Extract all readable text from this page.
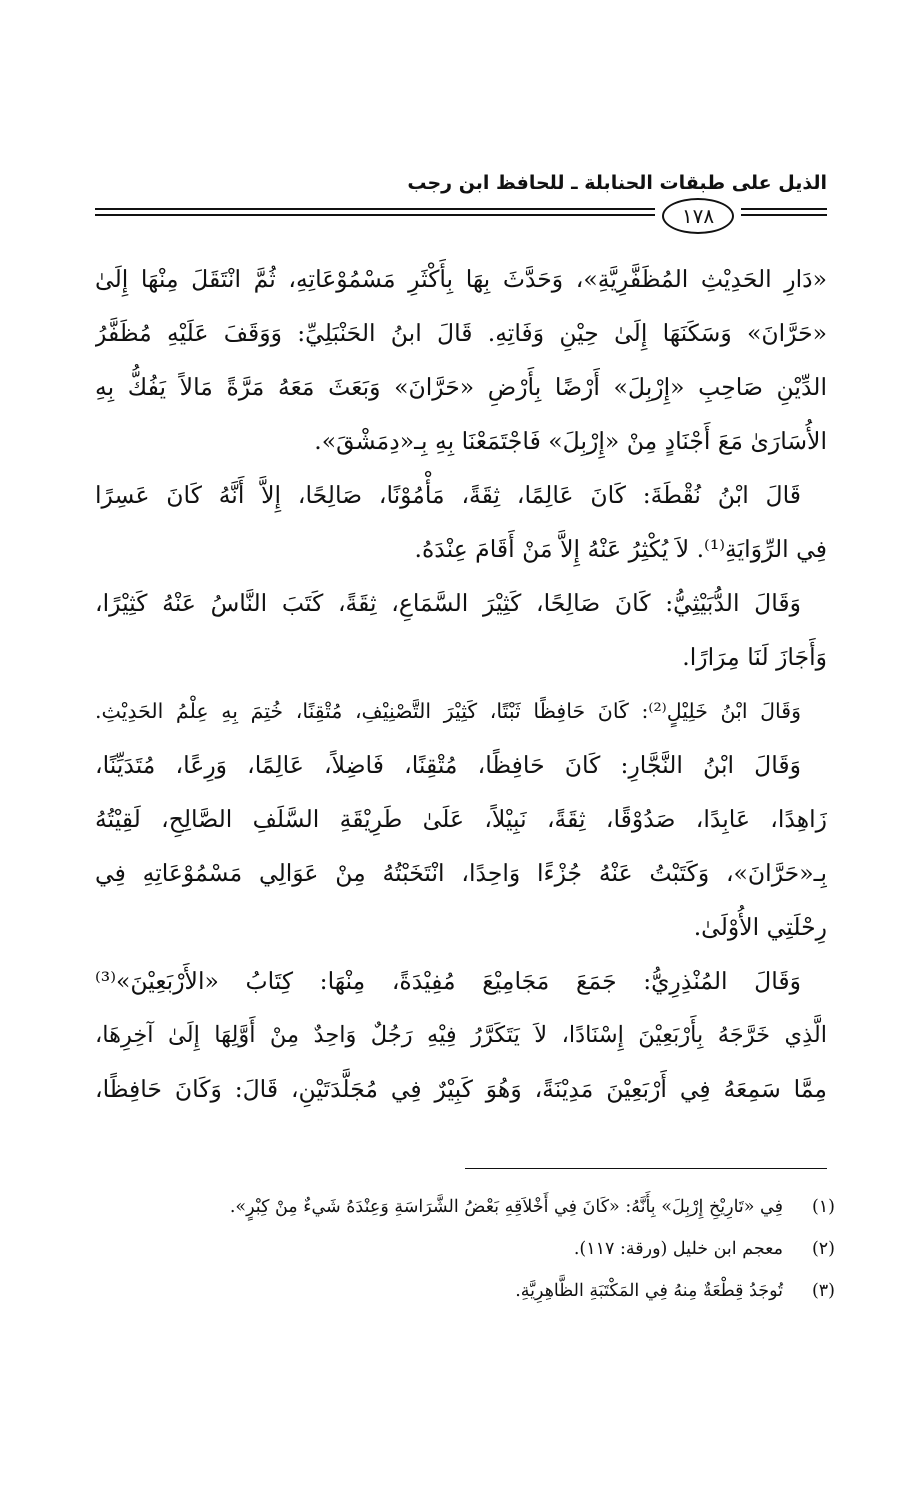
الذيل على طبقات الحنابلة ـ للحافظ ابن رجب
١٧٨
«دَارِ الحَدِيْثِ المُظَفَّرِيَّةِ»، وَحَدَّثَ بِهَا بِأَكْثَرِ مَسْمُوْعَاتِهِ، ثُمَّ انْتَقَلَ مِنْهَا إِلَىٰ
«حَرَّانَ» وَسَكَنَهَا إِلَىٰ حِيْنِ وَفَاتِهِ. قَالَ ابنُ الحَنْبَلِيِّ: وَوَقَفَ عَلَيْهِ مُظَفَّرُ
الدِّيْنِ صَاحِبِ «إِرْبِلَ» أَرْضًا بِأَرْضِ «حَرَّانَ» وَبَعَثَ مَعَهُ مَرَّةً مَالاً يَفُكُّ بِهِ
الأُسَارَىٰ مَعَ أَجْنَادٍ مِنْ «إِرْبِلَ» فَاجْتَمَعْنَا بِهِ بِـ«دِمَشْقَ».
قَالَ ابْنُ نُقْطَةَ: كَانَ عَالِمًا، ثِقَةً، مَأْمُوْنًا، صَالِحًا، إِلاَّ أَنَّهُ كَانَ عَسِرًا
فِي الرِّوَايَةِ⁽¹⁾. لاَ يُكْثِرُ عَنْهُ إِلاَّ مَنْ أَقَامَ عِنْدَهُ.
وَقَالَ الدُّبَيْثِيُّ: كَانَ صَالِحًا، كَثِيْرَ السَّمَاعِ، ثِقَةً، كَتَبَ النَّاسُ عَنْهُ كَثِيْرًا،
وَأَجَازَ لَنَا مِرَارًا.
وَقَالَ ابْنُ خَلِيْلٍ⁽²⁾: كَانَ حَافِظًا ثَبْتًا، كَثِيْرَ التَّصْنِيْفِ، مُتْقِنًا، خُتِمَ بِهِ عِلْمُ الحَدِيْثِ.
وَقَالَ ابْنُ النَّجَّارِ: كَانَ حَافِظًا، مُتْقِنًا، فَاضِلاً، عَالِمًا، وَرِعًا، مُتَدَيِّنًا،
زَاهِدًا، عَابِدًا، صَدُوْقًا، ثِقَةً، نَبِيْلاً، عَلَىٰ طَرِيْقَةِ السَّلَفِ الصَّالِحِ، لَقِيْتُهُ
بِـ«حَرَّانَ»، وَكَتَبْتُ عَنْهُ جُزْءًا وَاحِدًا، انْتَخَبْتُهُ مِنْ عَوَالِي مَسْمُوْعَاتِهِ فِي
رِحْلَتِي الأُوْلَىٰ.
وَقَالَ المُنْذِرِيُّ: جَمَعَ مَجَامِيْعَ مُفِيْدَةً، مِنْهَا: كِتَابُ «الأَرْبَعِيْنَ»⁽³⁾
الَّذِي خَرَّجَهُ بِأَرْبَعِيْنَ إِسْنَادًا، لاَ يَتَكَرَّرُ فِيْهِ رَجُلٌ وَاحِدٌ مِنْ أَوَّلِهَا إِلَىٰ آخِرِهَا،
مِمَّا سَمِعَهُ فِي أَرْبَعِيْنَ مَدِيْنَةً، وَهُوَ كَبِيْرٌ فِي مُجَلَّدَتَيْنِ، قَالَ: وَكَانَ حَافِظًا،
(١)فِي «تَارِيْخِ إِرْبِلَ» بِأَنَّهُ: «كَانَ فِي أَخْلاَقِهِ بَعْضُ الشَّرَاسَةِ وَعِنْدَهُ شَيءٌ مِنْ كِبْرٍ».
(٢)معجم ابن خليل (ورقة: ١١٧).
(٣)تُوجَدُ قِطْعَةٌ مِنهُ فِي المَكْتَبَةِ الظَّاهِرِيَّةِ.
